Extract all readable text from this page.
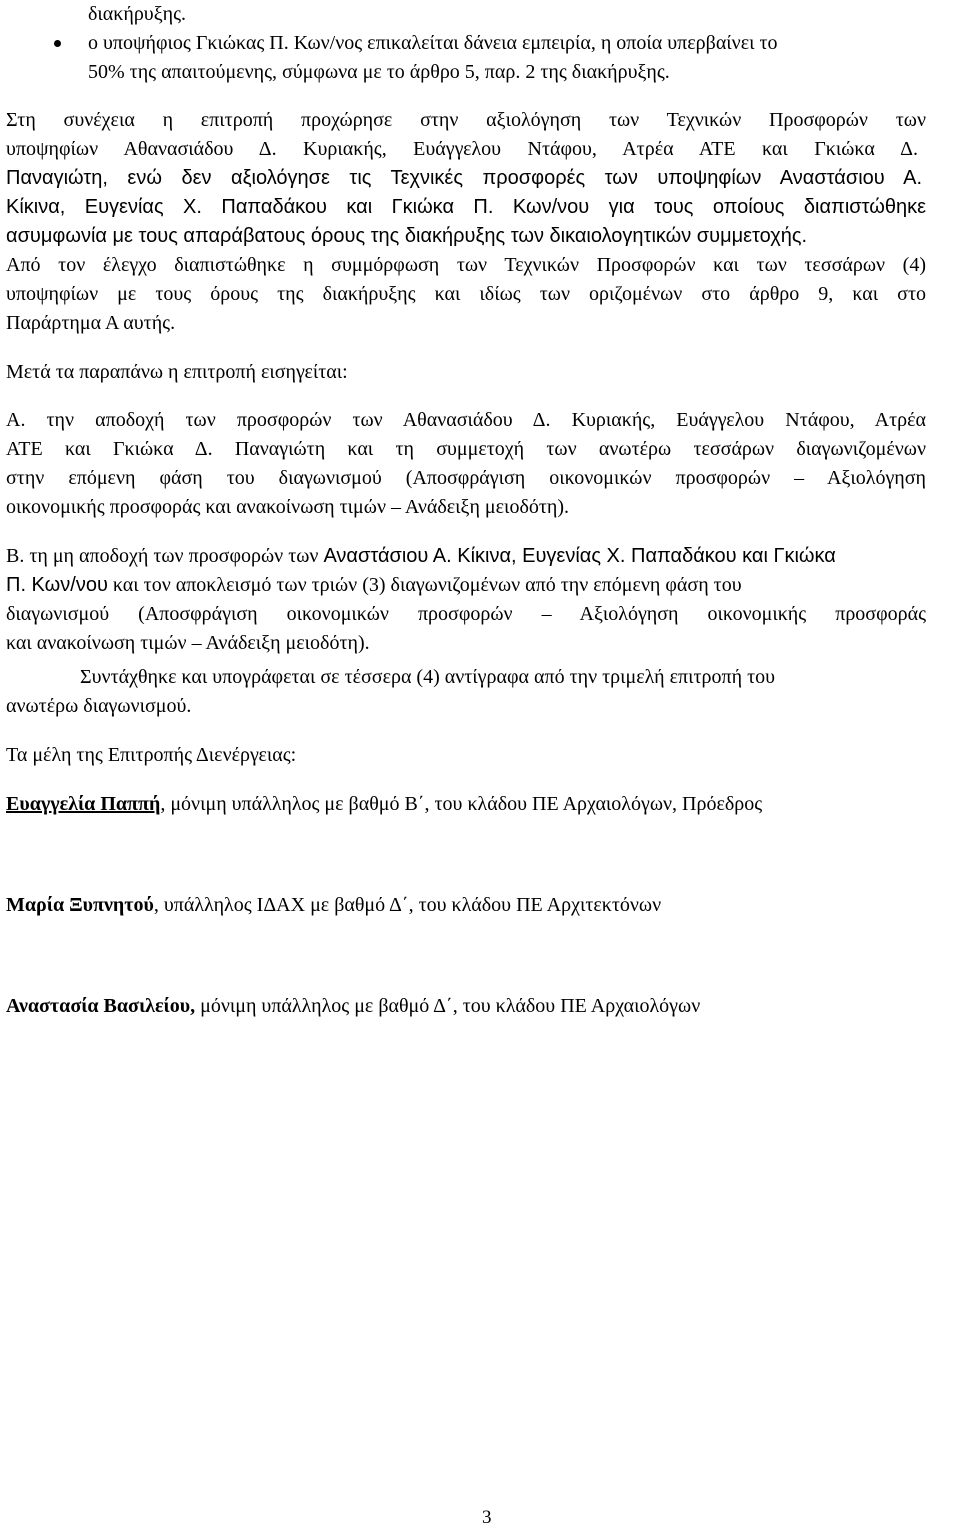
διακήρυξης.
ο υποψήφιος Γκιώκας Π. Κων/νος επικαλείται δάνεια εμπειρία, η οποία υπερβαίνει το
50% της απαιτούμενης, σύμφωνα με το άρθρο 5, παρ. 2 της διακήρυξης.
Στη συνέχεια η επιτροπή προχώρησε στην αξιολόγηση των Τεχνικών Προσφορών των
υποψηφίων Αθανασιάδου Δ. Κυριακής, Ευάγγελου Ντάφου, Ατρέα ΑΤΕ και Γκιώκα Δ.
Παναγιώτη, ενώ δεν αξιολόγησε τις Τεχνικές προσφορές των υποψηφίων Αναστάσιου Α.
Κίκινα, Ευγενίας Χ. Παπαδάκου και Γκιώκα Π. Κων/νου για τους οποίους διαπιστώθηκε
ασυμφωνία με τους απαράβατους όρους της διακήρυξης των δικαιολογητικών συμμετοχής.
Από τον έλεγχο διαπιστώθηκε η συμμόρφωση των Τεχνικών Προσφορών και των τεσσάρων (4)
υποψηφίων με τους όρους της διακήρυξης και ιδίως των οριζομένων στο άρθρο 9, και στο
Παράρτημα Α αυτής.
Μετά τα παραπάνω η επιτροπή εισηγείται:
Α. την αποδοχή των προσφορών των Αθανασιάδου Δ. Κυριακής, Ευάγγελου Ντάφου, Ατρέα
ΑΤΕ και Γκιώκα Δ. Παναγιώτη και τη συμμετοχή των ανωτέρω τεσσάρων διαγωνιζομένων
στην επόμενη φάση του διαγωνισμού (Αποσφράγιση οικονομικών προσφορών – Αξιολόγηση
οικονομικής προσφοράς και ανακοίνωση τιμών – Ανάδειξη μειοδότη).
Β. τη μη αποδοχή των προσφορών των Αναστάσιου Α. Κίκινα, Ευγενίας Χ. Παπαδάκου και Γκιώκα
Π. Κων/νου και τον αποκλεισμό των τριών (3) διαγωνιζομένων από την επόμενη φάση του
διαγωνισμού (Αποσφράγιση οικονομικών προσφορών – Αξιολόγηση οικονομικής προσφοράς
και ανακοίνωση τιμών – Ανάδειξη μειοδότη).
Συντάχθηκε και υπογράφεται σε τέσσερα (4) αντίγραφα από την τριμελή επιτροπή του
ανωτέρω διαγωνισμού.
Τα μέλη της Επιτροπής Διενέργειας:
Ευαγγελία Παππή, μόνιμη υπάλληλος με βαθμό Β΄, του κλάδου ΠΕ Αρχαιολόγων, Πρόεδρος
Μαρία Ξυπνητού, υπάλληλος ΙΔΑΧ με βαθμό Δ΄, του κλάδου ΠΕ Αρχιτεκτόνων
Αναστασία Βασιλείου, μόνιμη υπάλληλος με βαθμό Δ΄, του κλάδου ΠΕ Αρχαιολόγων
3
